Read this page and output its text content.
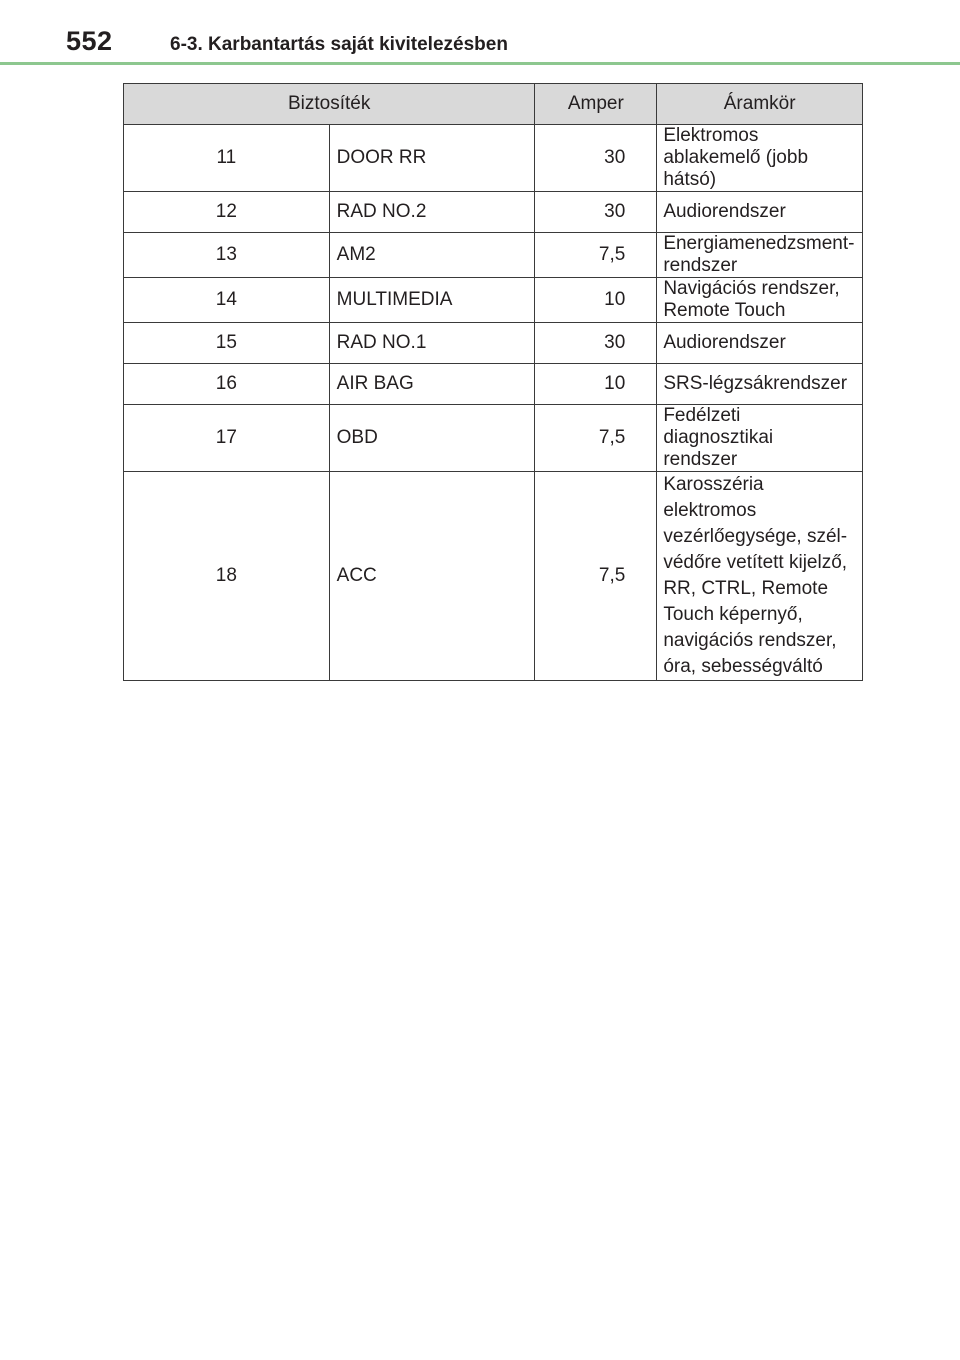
552	6-3. Karbantartás saját kivitelezésben
Biztosíték		Amper	Áramkör
11	DOOR RR	30	Elektromos ablakemelő (jobb hátsó)
12	RAD NO.2	30	Audiorendszer
13	AM2	7,5	Energiamenedzsment-rendszer
14	MULTIMEDIA	10	Navigációs rendszer, Remote Touch
15	RAD NO.1	30	Audiorendszer
16	AIR BAG	10	SRS-légzsákrendszer
17	OBD	7,5	Fedélzeti diagnosztikai rendszer
18	ACC	7,5	Karosszéria elektromos vezérlőegysége, szél-védőre vetített kijelző, RR, CTRL, Remote Touch képernyő, navigációs rendszer, óra, sebességváltó
